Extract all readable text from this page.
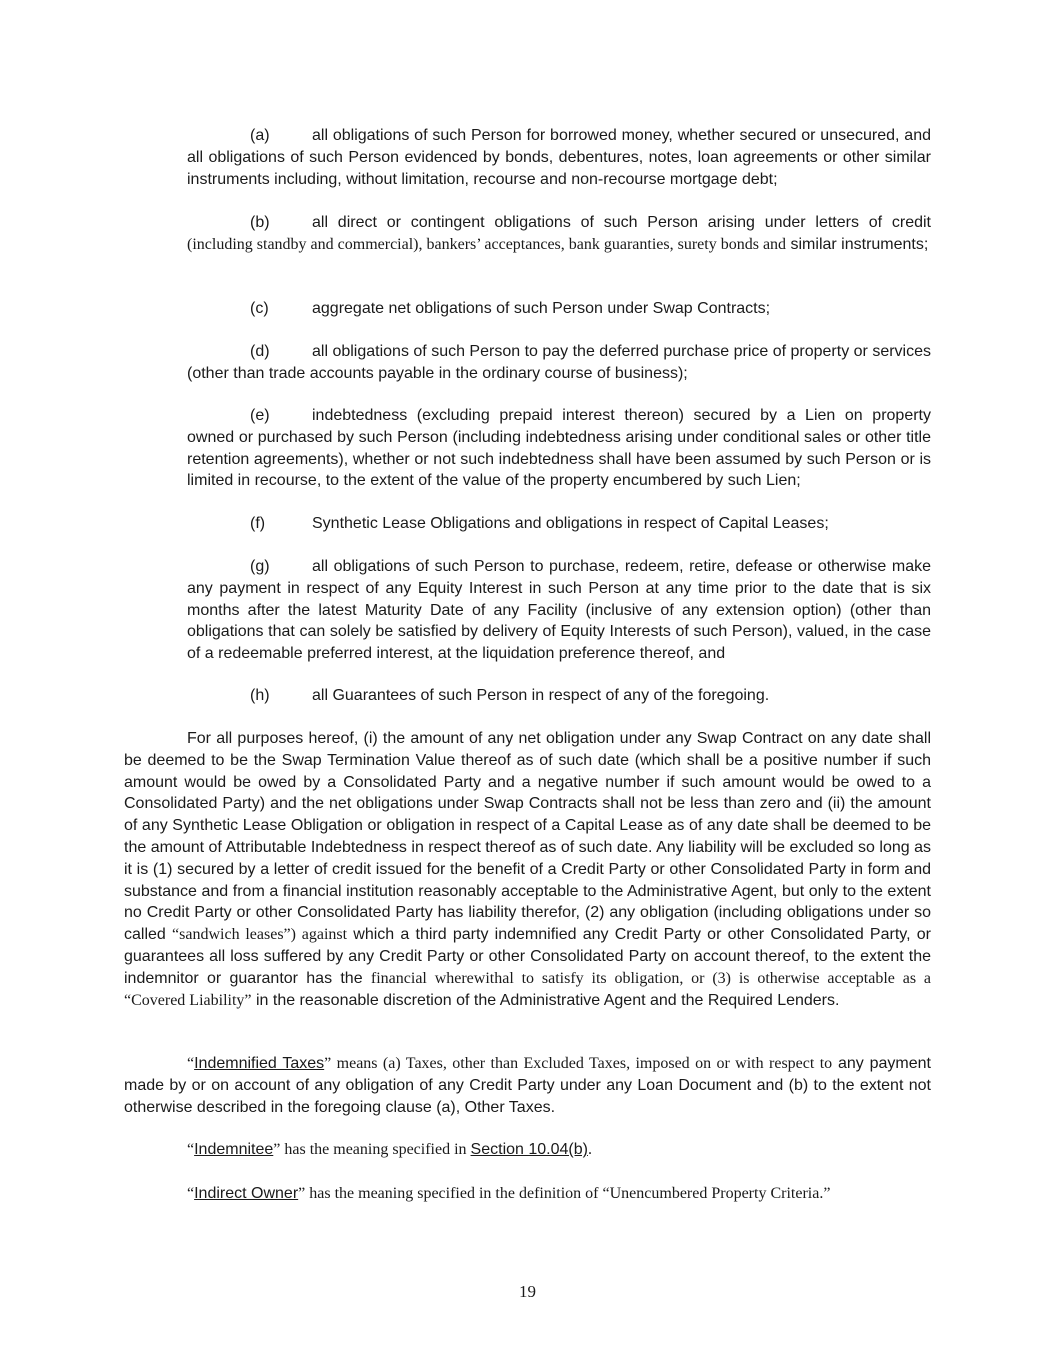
(a)	all obligations of such Person for borrowed money, whether secured or unsecured, and all obligations of such Person evidenced by bonds, debentures, notes, loan agreements or other similar instruments including, without limitation, recourse and non-recourse mortgage debt;
(b)	all direct or contingent obligations of such Person arising under letters of credit (including standby and commercial), bankers’ acceptances, bank guaranties, surety bonds and similar instruments;
(c)	aggregate net obligations of such Person under Swap Contracts;
(d)	all obligations of such Person to pay the deferred purchase price of property or services (other than trade accounts payable in the ordinary course of business);
(e)	indebtedness (excluding prepaid interest thereon) secured by a Lien on property owned or purchased by such Person (including indebtedness arising under conditional sales or other title retention agreements), whether or not such indebtedness shall have been assumed by such Person or is limited in recourse, to the extent of the value of the property encumbered by such Lien;
(f)	Synthetic Lease Obligations and obligations in respect of Capital Leases;
(g)	all obligations of such Person to purchase, redeem, retire, defease or otherwise make any payment in respect of any Equity Interest in such Person at any time prior to the date that is six months after the latest Maturity Date of any Facility (inclusive of any extension option) (other than obligations that can solely be satisfied by delivery of Equity Interests of such Person), valued, in the case of a redeemable preferred interest, at the liquidation preference thereof, and
(h)	all Guarantees of such Person in respect of any of the foregoing.
For all purposes hereof, (i) the amount of any net obligation under any Swap Contract on any date shall be deemed to be the Swap Termination Value thereof as of such date (which shall be a positive number if such amount would be owed by a Consolidated Party and a negative number if such amount would be owed to a Consolidated Party) and the net obligations under Swap Contracts shall not be less than zero and (ii) the amount of any Synthetic Lease Obligation or obligation in respect of a Capital Lease as of any date shall be deemed to be the amount of Attributable Indebtedness in respect thereof as of such date. Any liability will be excluded so long as it is (1) secured by a letter of credit issued for the benefit of a Credit Party or other Consolidated Party in form and substance and from a financial institution reasonably acceptable to the Administrative Agent, but only to the extent no Credit Party or other Consolidated Party has liability therefor, (2) any obligation (including obligations under so called “sandwich leases”) against which a third party indemnified any Credit Party or other Consolidated Party, or guarantees all loss suffered by any Credit Party or other Consolidated Party on account thereof, to the extent the indemnitor or guarantor has the financial wherewithal to satisfy its obligation, or (3) is otherwise acceptable as a “Covered Liability” in the reasonable discretion of the Administrative Agent and the Required Lenders.
“Indemnified Taxes” means (a) Taxes, other than Excluded Taxes, imposed on or with respect to any payment made by or on account of any obligation of any Credit Party under any Loan Document and (b) to the extent not otherwise described in the foregoing clause (a), Other Taxes.
“Indemnitee” has the meaning specified in Section 10.04(b).
“Indirect Owner” has the meaning specified in the definition of “Unencumbered Property Criteria.”
19
